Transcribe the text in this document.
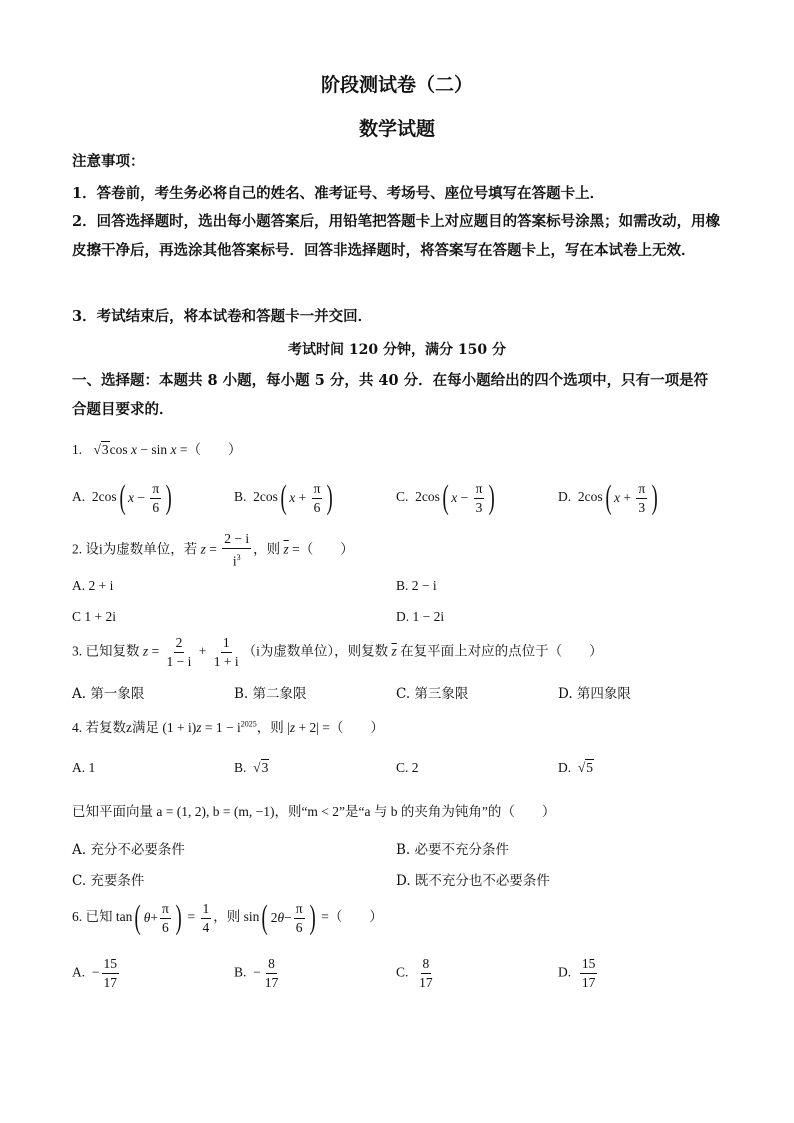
阶段测试卷（二）
数学试题
注意事项：
1．答卷前，考生务必将自己的姓名、准考证号、考场号、座位号填写在答题卡上．
2．回答选择题时，选出每小题答案后，用铅笔把答题卡上对应题目的答案标号涂黑；如需改动，用橡皮擦干净后，再选涂其他答案标号．回答非选择题时，将答案写在答题卡上，写在本试卷上无效．
3．考试结束后，将本试卷和答题卡一并交回．
考试时间 120 分钟，满分 150 分
一、选择题：本题共 8 小题，每小题 5 分，共 40 分．在每小题给出的四个选项中，只有一项是符合题目要求的．
1. √3cos x − sin x =（　　）
A.  2cos ( $x - \frac{\pi}{6}$ )	B.  2cos ( $x + \frac{\pi}{6}$ )	C.  2cos ( $x - \frac{\pi}{3}$ )	D.  2cos ( $x + \frac{\pi}{3}$ )
2. 设i为虚数单位，若 $z = \frac{2 - i}{i^3}$ ，则 $\overline{z}$ =（　　）
A. 2 + i	B. 2 − i
C 1 + 2i	D. 1 − 2i
3. 已知复数 $z = \frac{2}{1 - i} + \frac{1}{1 + i} (i$为虚数单位），则复数 $\overline{z}$ 在复平面上对应的点位于（　　）
A. 第一象限	B. 第二象限	C. 第三象限	D. 第四象限
4. 若复数z满足 $(1 + i)z = 1 - i^{2025}$，则 |z + 2| =（　　）
A. 1	B.  √3	C. 2	D.  √5
已知平面向量 a = (1, 2), b = (m, −1)，则“m < 2”是“a 与 b 的夹角为钝角”的（　　）
A. 充分不必要条件	B. 必要不充分条件
C. 充要条件	D. 既不充分也不必要条件
6. 已知 tan ( $\theta + \frac{\pi}{6}$ ) = $\frac{1}{4}$ ，则 sin ( 2 $\theta - \frac{\pi}{6}$ ) =（　　）
A.  − $\frac{15}{17}$	B.  − $\frac{8}{17}$	C. $\frac{8}{17}$	D. $\frac{15}{17}$
